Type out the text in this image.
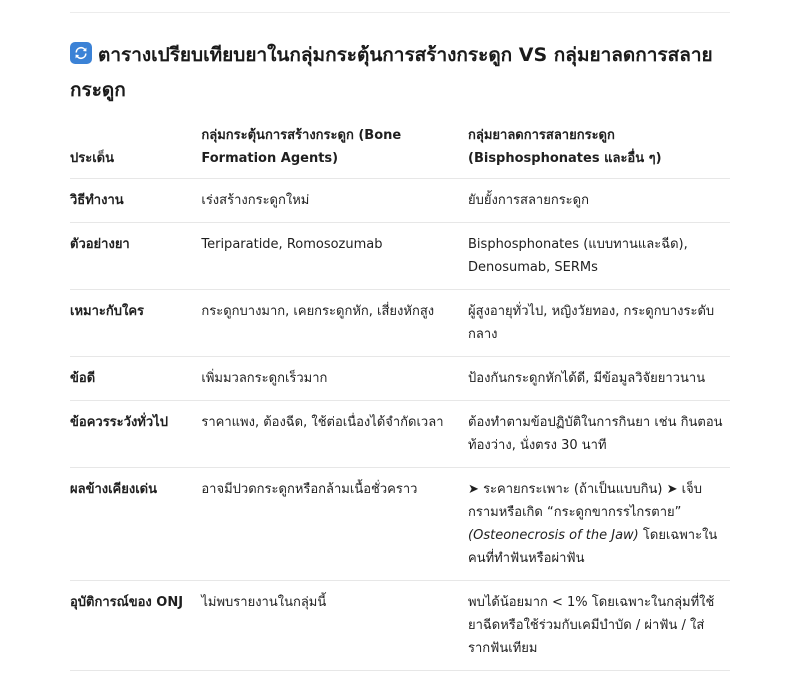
ตารางเปรียบเทียบยาในกลุ่มกระตุ้นการสร้างกระดูก VS กลุ่มยาลดการสลายกระดูก
ประเด็น	กลุ่มกระตุ้นการสร้างกระดูก (Bone Formation Agents)	กลุ่มยาลดการสลายกระดูก (Bisphosphonates และอื่น ๆ)
วิธีทำงาน	เร่งสร้างกระดูกใหม่	ยับยั้งการสลายกระดูก
ตัวอย่างยา	Teriparatide, Romosozumab	Bisphosphonates (แบบทานและฉีด), Denosumab, SERMs
เหมาะกับใคร	กระดูกบางมาก, เคยกระดูกหัก, เสี่ยงหักสูง	ผู้สูงอายุทั่วไป, หญิงวัยทอง, กระดูกบางระดับกลาง
ข้อดี	เพิ่มมวลกระดูกเร็วมาก	ป้องกันกระดูกหักได้ดี, มีข้อมูลวิจัยยาวนาน
ข้อควรระวังทั่วไป	ราคาแพง, ต้องฉีด, ใช้ต่อเนื่องได้จำกัดเวลา	ต้องทำตามข้อปฏิบัติในการกินยา เช่น กินตอนท้องว่าง, นั่งตรง 30 นาที
ผลข้างเคียงเด่น	อาจมีปวดกระดูกหรือกล้ามเนื้อชั่วคราว	➤ ระคายกระเพาะ (ถ้าเป็นแบบกิน) ➤ เจ็บกรามหรือเกิด “กระดูกขากรรไกรตาย” (Osteonecrosis of the Jaw) โดยเฉพาะในคนที่ทำฟันหรือผ่าฟัน
อุบัติการณ์ของ ONJ	ไม่พบรายงานในกลุ่มนี้	พบได้น้อยมาก < 1% โดยเฉพาะในกลุ่มที่ใช้ยาฉีดหรือใช้ร่วมกับเคมีบำบัด / ผ่าฟัน / ใส่รากฟันเทียม
